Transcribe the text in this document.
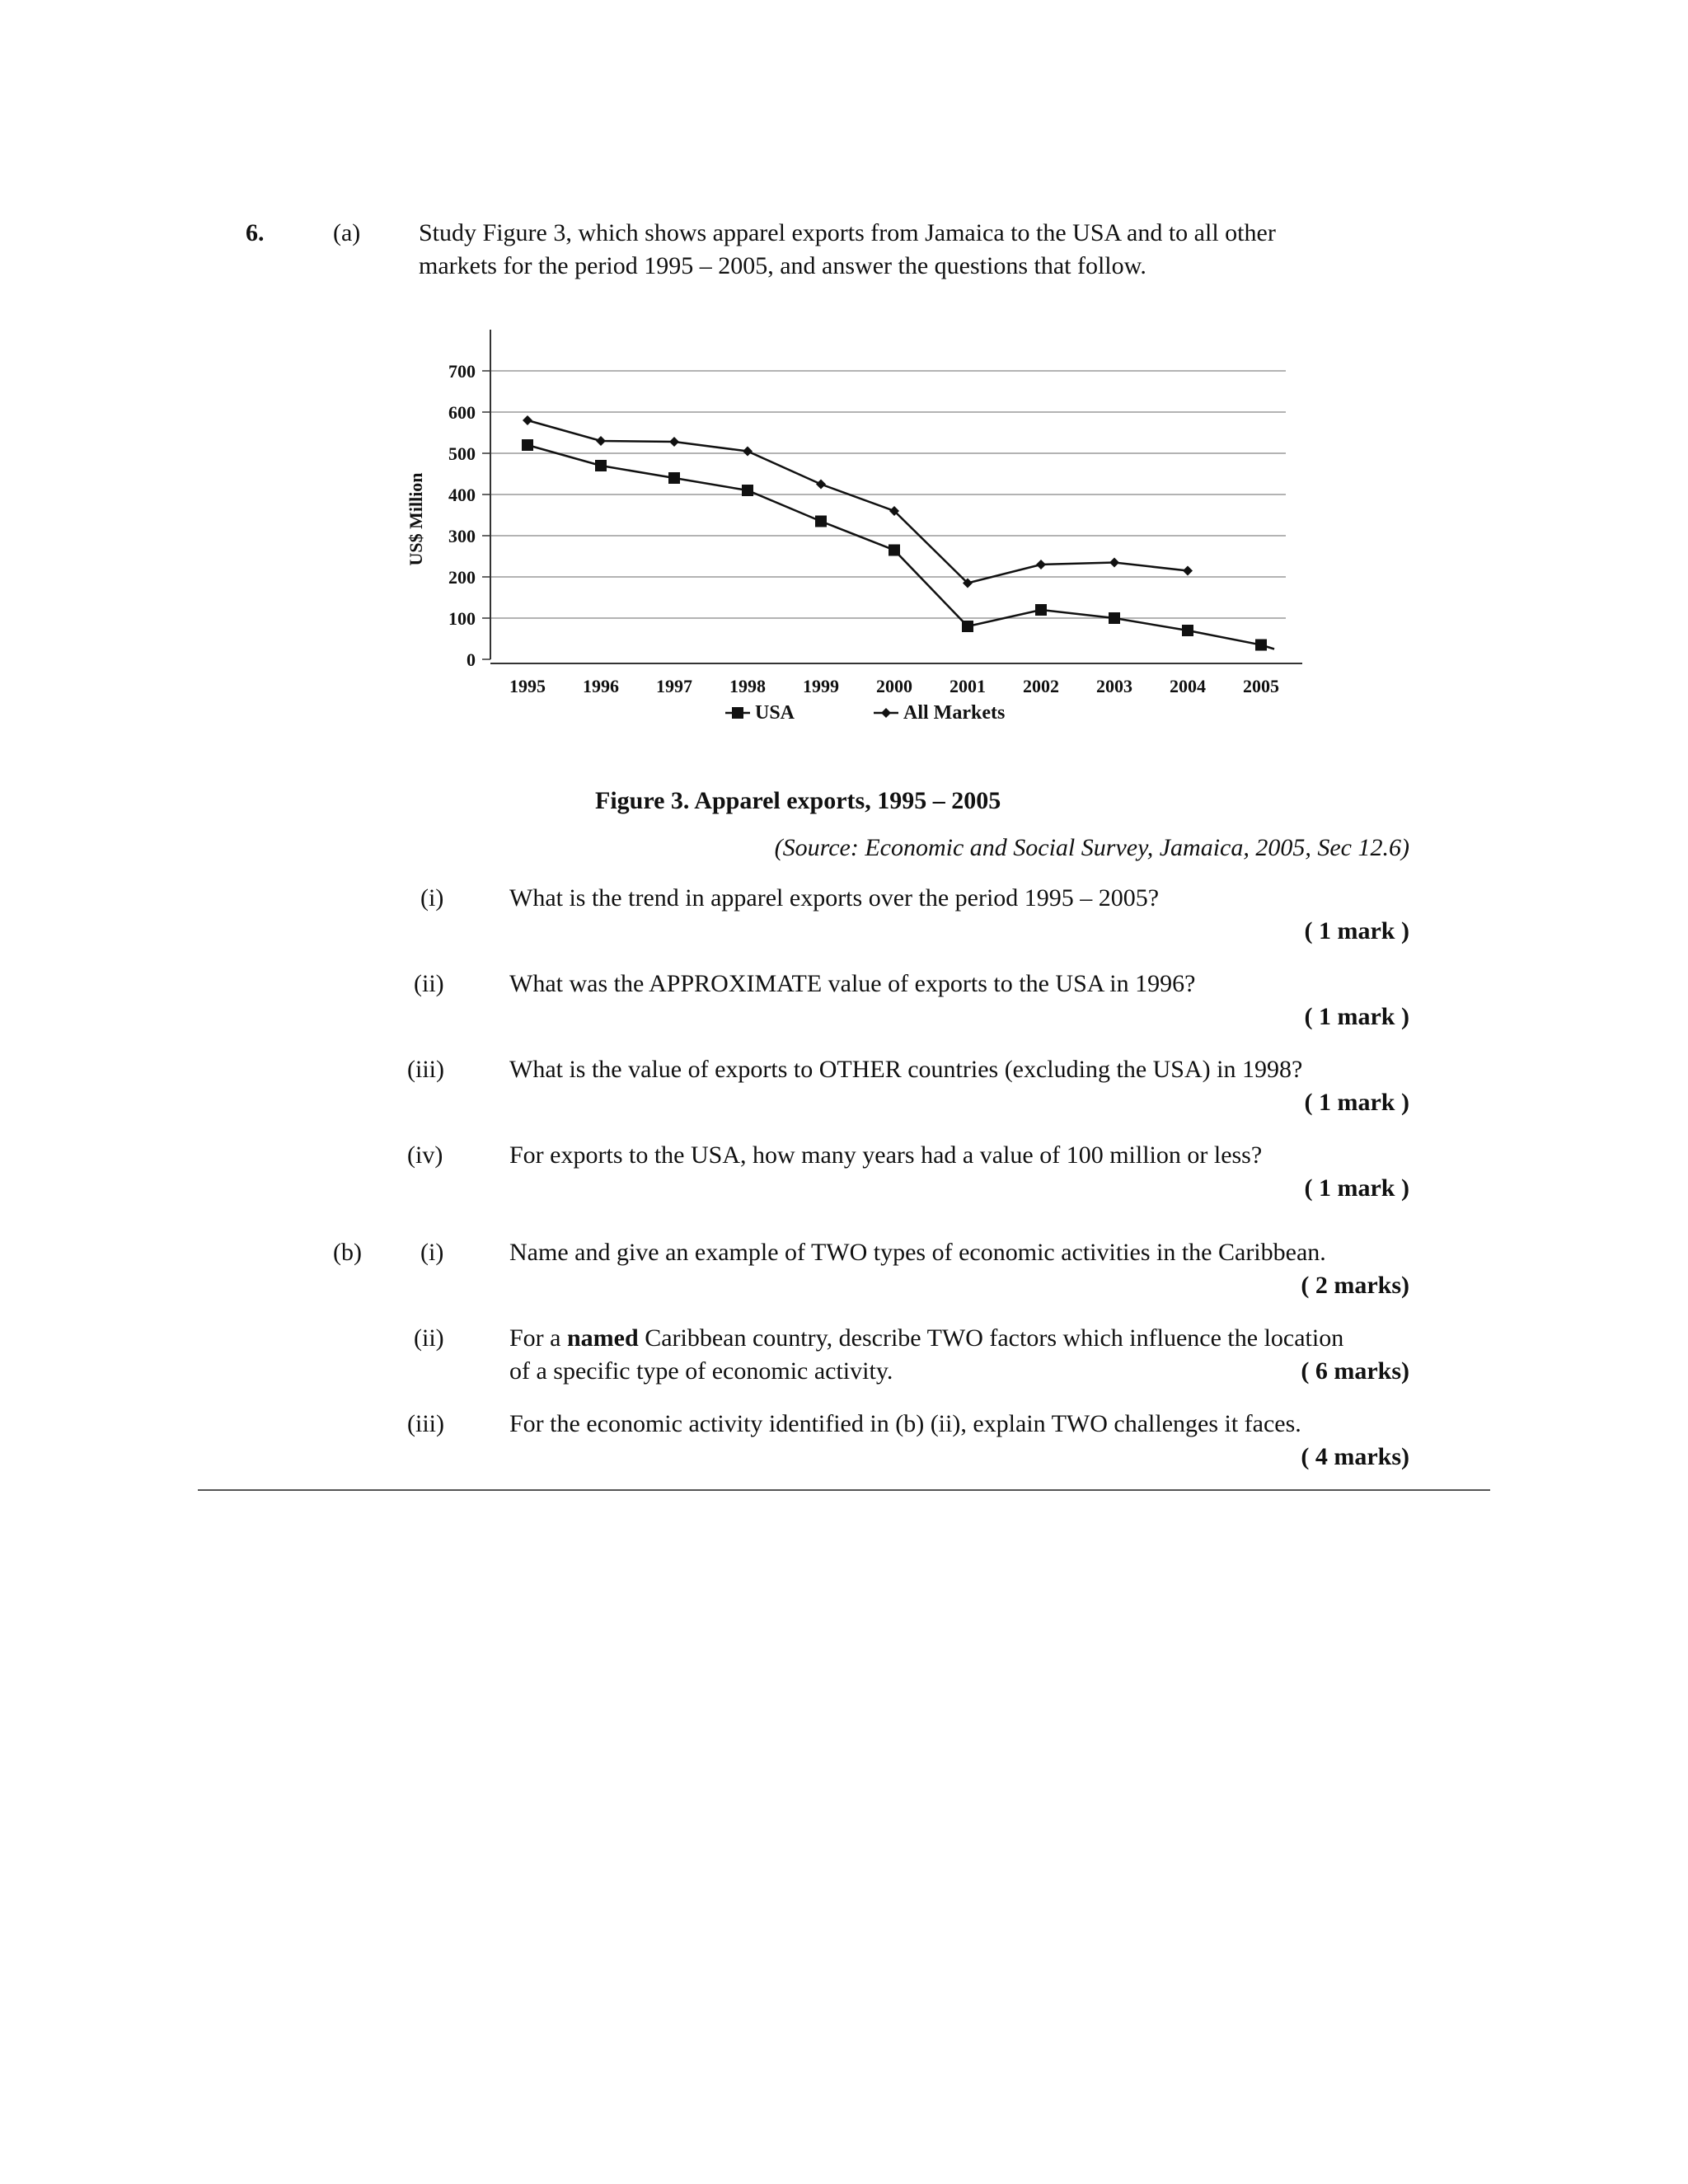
6.	(a) Study Figure 3, which shows apparel exports from Jamaica to the USA and to all other
markets for the period 1995 – 2005, and answer the questions that follow.
0
100
200
300
400
500
600
700
US$ Million
1995 1996 1997 1998 1999 2000 2001 2002 2003 2004 2005
USA	All Markets
Figure 3. Apparel exports, 1995 – 2005
(Source: Economic and Social Survey, Jamaica, 2005, Sec 12.6)
(i)	What is the trend in apparel exports over the period 1995 – 2005?
( 1 mark )
(ii)	What was the APPROXIMATE value of exports to the USA in 1996?
( 1 mark )
(iii)	What is the value of exports to OTHER countries (excluding the USA) in 1998?
( 1 mark )
(iv)	For exports to the USA, how many years had a value of 100 million or less?
( 1 mark )
(b) (i)	Name and give an example of TWO types of economic activities in the Caribbean.
( 2 marks)
(ii)	For a named Caribbean country, describe TWO factors which influence the location
of a specific type of economic activity.	( 6 marks)
(iii)	For the economic activity identified in (b) (ii), explain TWO challenges it faces.
( 4 marks)
